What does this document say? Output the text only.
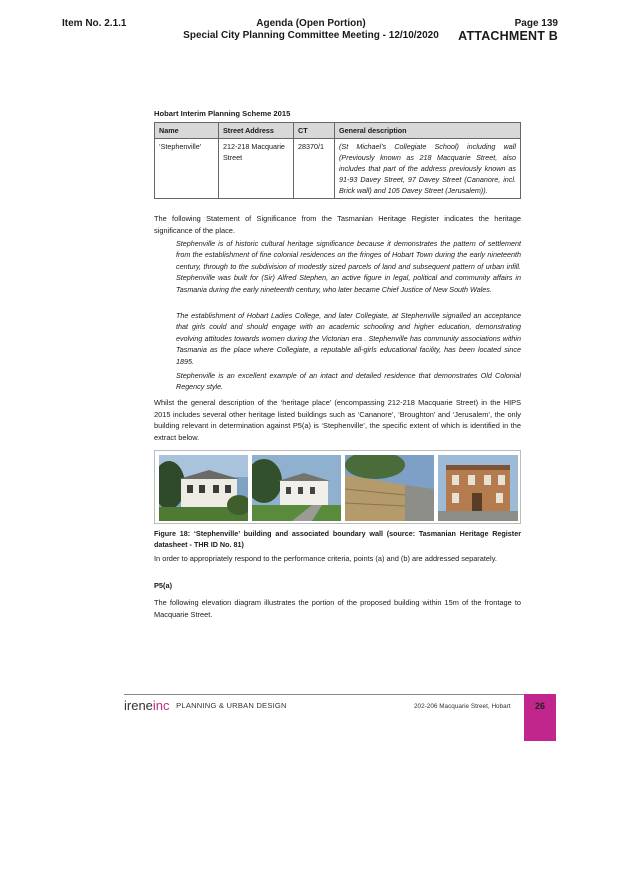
Item No. 2.1.1	Agenda (Open Portion)
Special City Planning Committee Meeting - 12/10/2020
Page 139
ATTACHMENT B
Hobart Interim Planning Scheme 2015
Name	Street Address	CT	General description
‘Stephenville’	212-218 Macquarie Street	28370/1	(St Michael’s Collegiate School) including wall (Previously known as 218 Macquarie Street, also includes that part of the address previously known as 91-93 Davey Street, 97 Davey Street (Cananore, incl. Brick wall) and 105 Davey Street (Jerusalem)).
The following Statement of Significance from the Tasmanian Heritage Register indicates the heritage significance of the place.
Stephenville is of historic cultural heritage significance because it demonstrates the pattern of settlement from the establishment of fine colonial residences on the fringes of Hobart Town during the early nineteenth century, through to the subdivision of modestly sized parcels of land and subsequent pattern of urban infill. Stephenville was built for (Sir) Alfred Stephen, an active figure in legal, political and community affairs in Tasmania during the early nineteenth century, who later became Chief Justice of New South Wales.
The establishment of Hobart Ladies College, and later Collegiate, at Stephenville signalled an acceptance that girls could and should engage with an academic schooling and higher education, demonstrating evolving attitudes towards women during the Victorian era . Stephenville has community associations within Tasmania as the place where Collegiate, a reputable all-girls educational facility, has been located since 1895.
Stephenville is an excellent example of an intact and detailed residence that demonstrates Old Colonial Regency style.
Whilst the general description of the ‘heritage place’ (encompassing 212-218 Macquarie Street) in the HIPS 2015 includes several other heritage listed buildings such as ‘Cananore’, ‘Broughton’ and ‘Jerusalem’, the only building relevant in determination against P5(a) is ‘Stephenville’, the specific extent of which is identified in the extract below.
Figure 18: ‘Stephenville’ building and associated boundary wall (source: Tasmanian Heritage Register datasheet - THR ID No. 81)
In order to appropriately respond to the performance criteria, points (a) and (b) are addressed separately.
P5(a)
The following elevation diagram illustrates the portion of the proposed building within 15m of the frontage to Macquarie Street.
ireneinc PLANNING & URBAN DESIGN	202-206 Macquarie Street, Hobart	26
